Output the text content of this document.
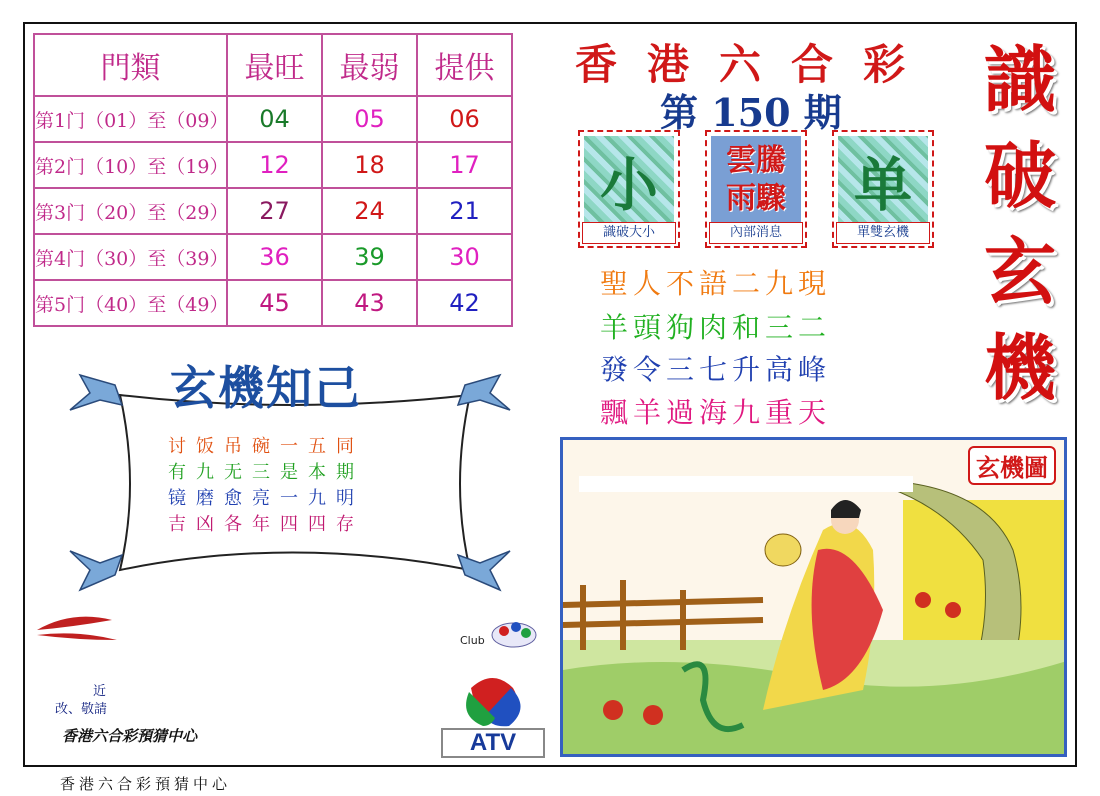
門類	最旺	最弱	提供
第1门（01）至（09）	04	05	06
第2门（10）至（19）	12	18	17
第3门（20）至（29）	27	24	21
第4门（30）至（39）	36	39	30
第5门（40）至（49）	45	43	42
香 港 六 合 彩
第 150 期 識
破
玄
機
小
識破大小
雲騰
雨驟
內部消息
单
單雙玄機
聖人不語二九現
羊頭狗肉和三二
發令三七升高峰
飄羊過海九重天
玄機知己
讨饭吊碗一五同
有九无三是本期
镜磨愈亮一九明
吉凶各年四四存
近
改、敬請
香港六合彩預猜中心
香港六合彩預猜中心
Club
ATV
玄機圖
